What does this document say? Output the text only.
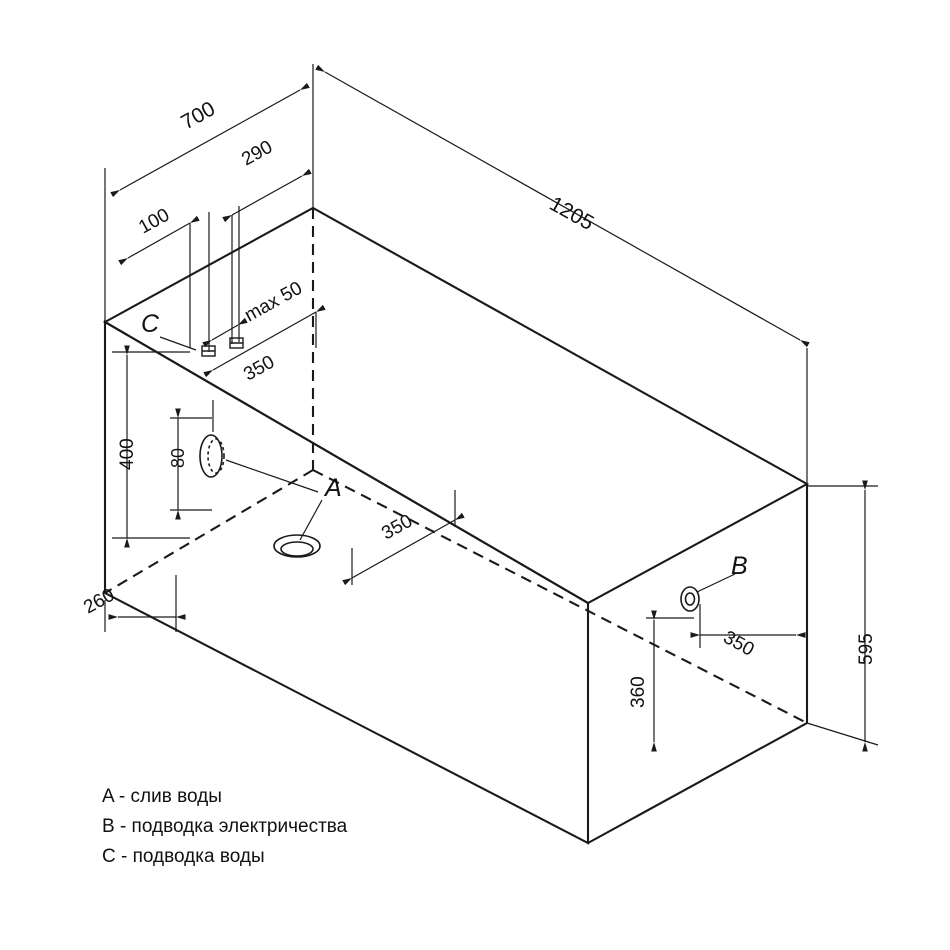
700
290
100	1205
max 50
350
400 80
350
260
350
360
595
C
A
B
A - слив воды
B - подводка электричества
C - подводка воды
